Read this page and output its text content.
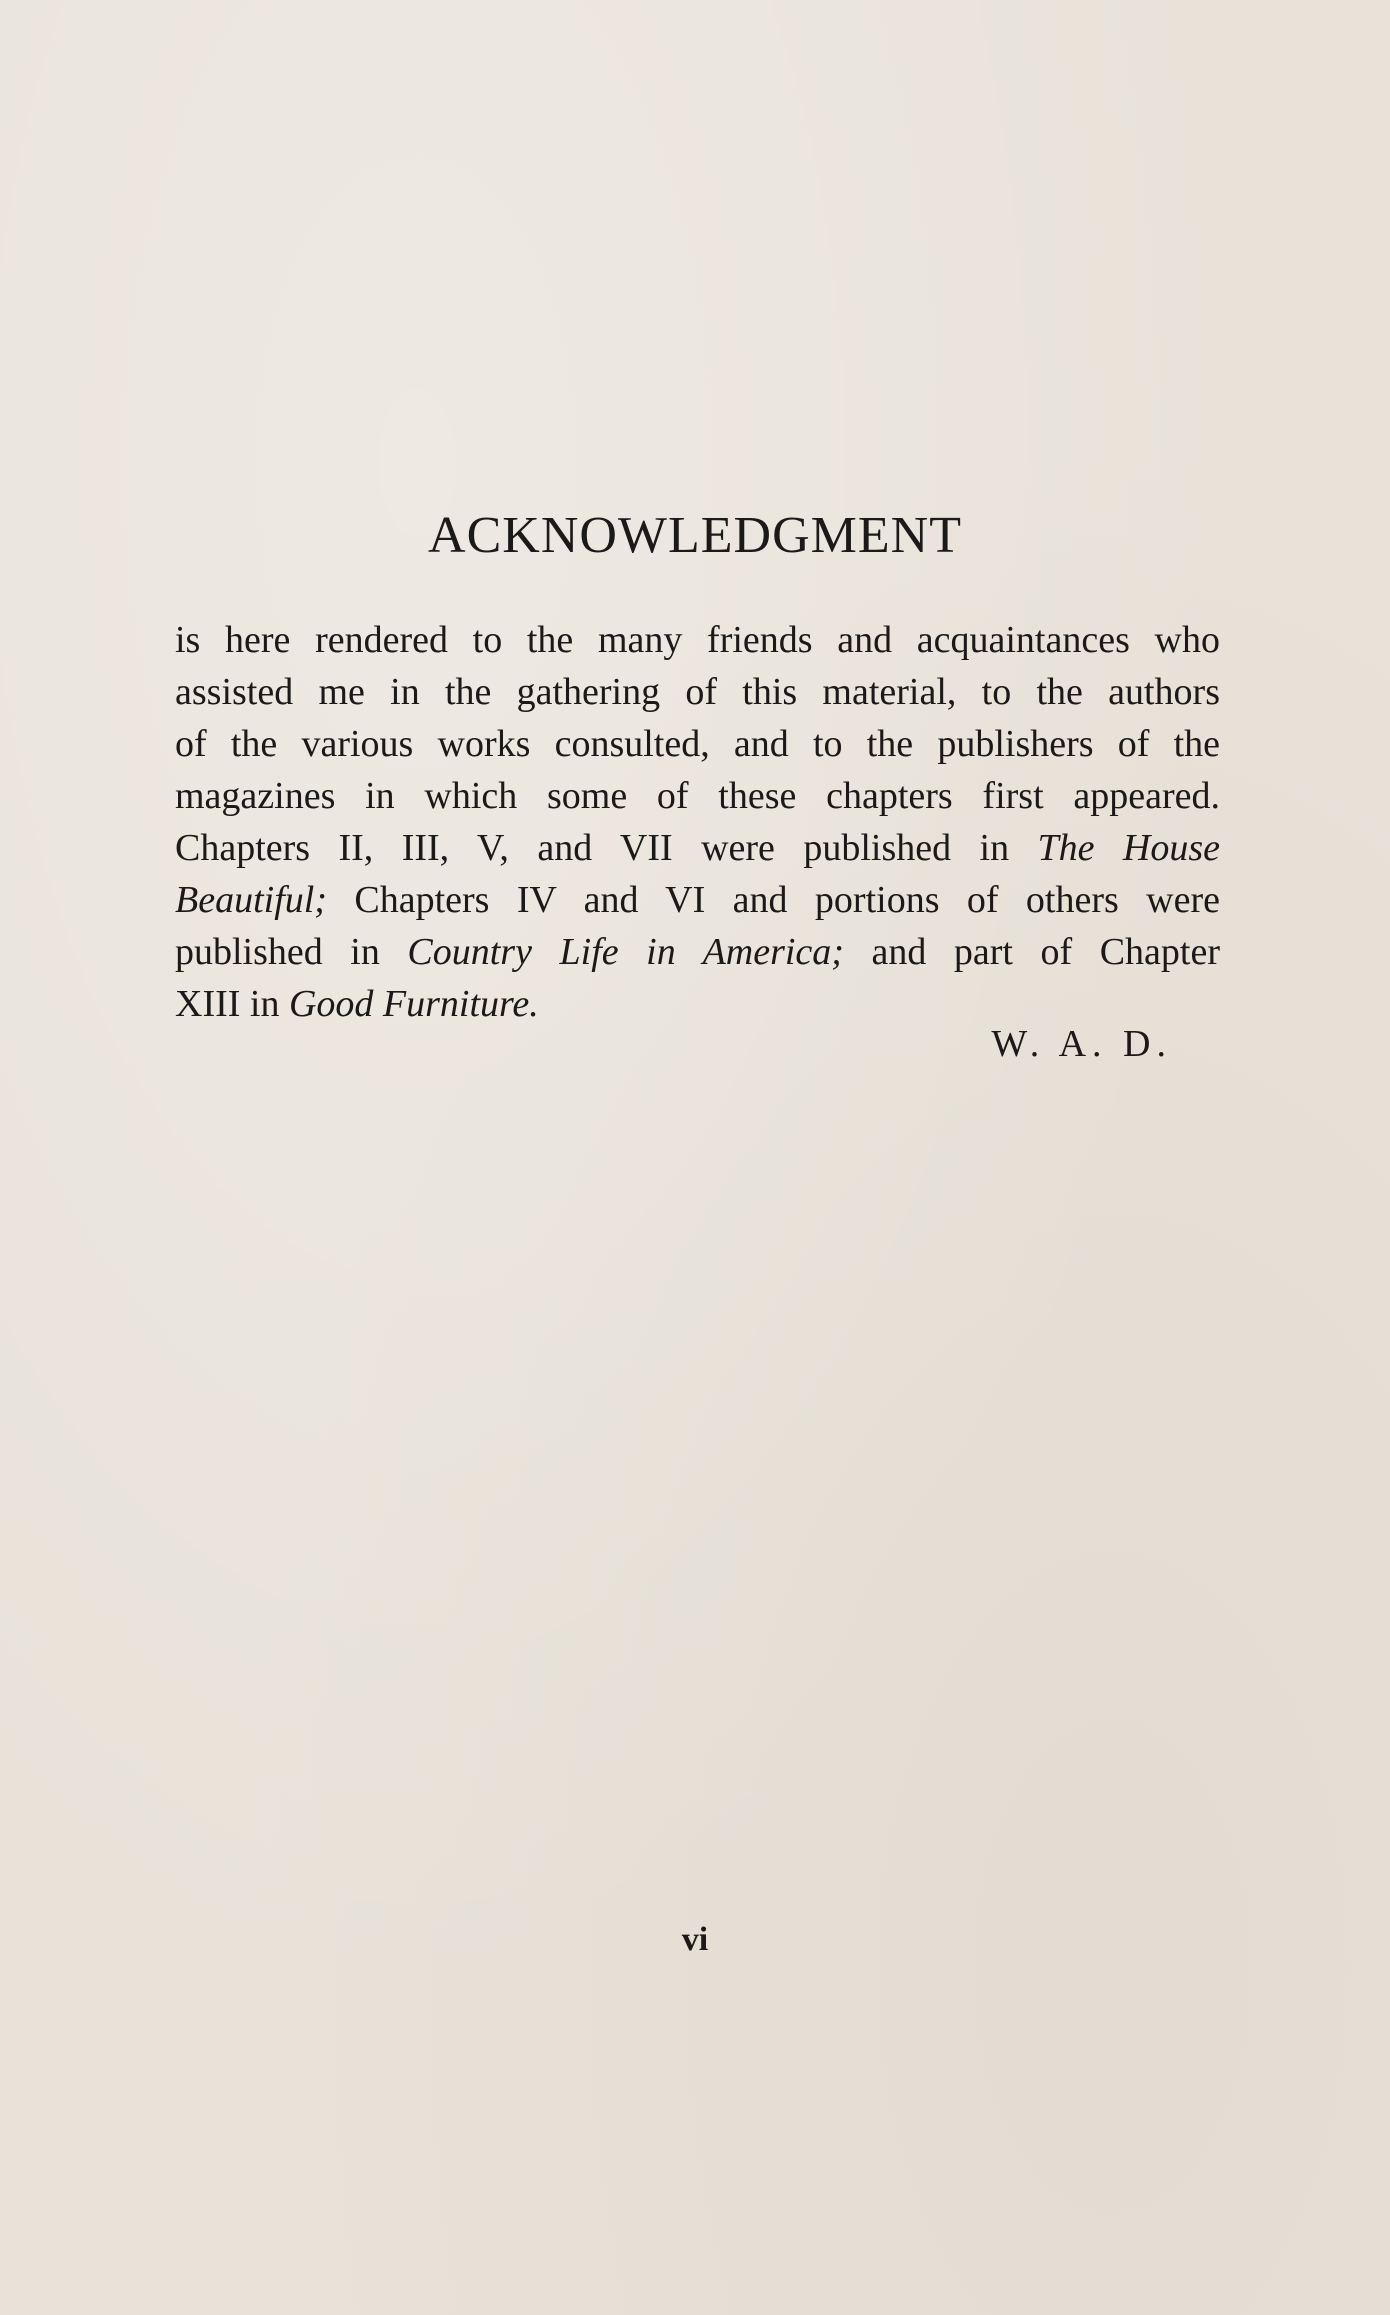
ACKNOWLEDGMENT
is here rendered to the many friends and acquaintances who
assisted me in the gathering of this material, to the authors
of the various works consulted, and to the publishers of the
magazines in which some of these chapters first appeared.
Chapters II, III, V, and VII were published in The House
Beautiful; Chapters IV and VI and portions of others were
published in Country Life in America; and part of Chapter
XIII in Good Furniture.
W. A. D.
vi
